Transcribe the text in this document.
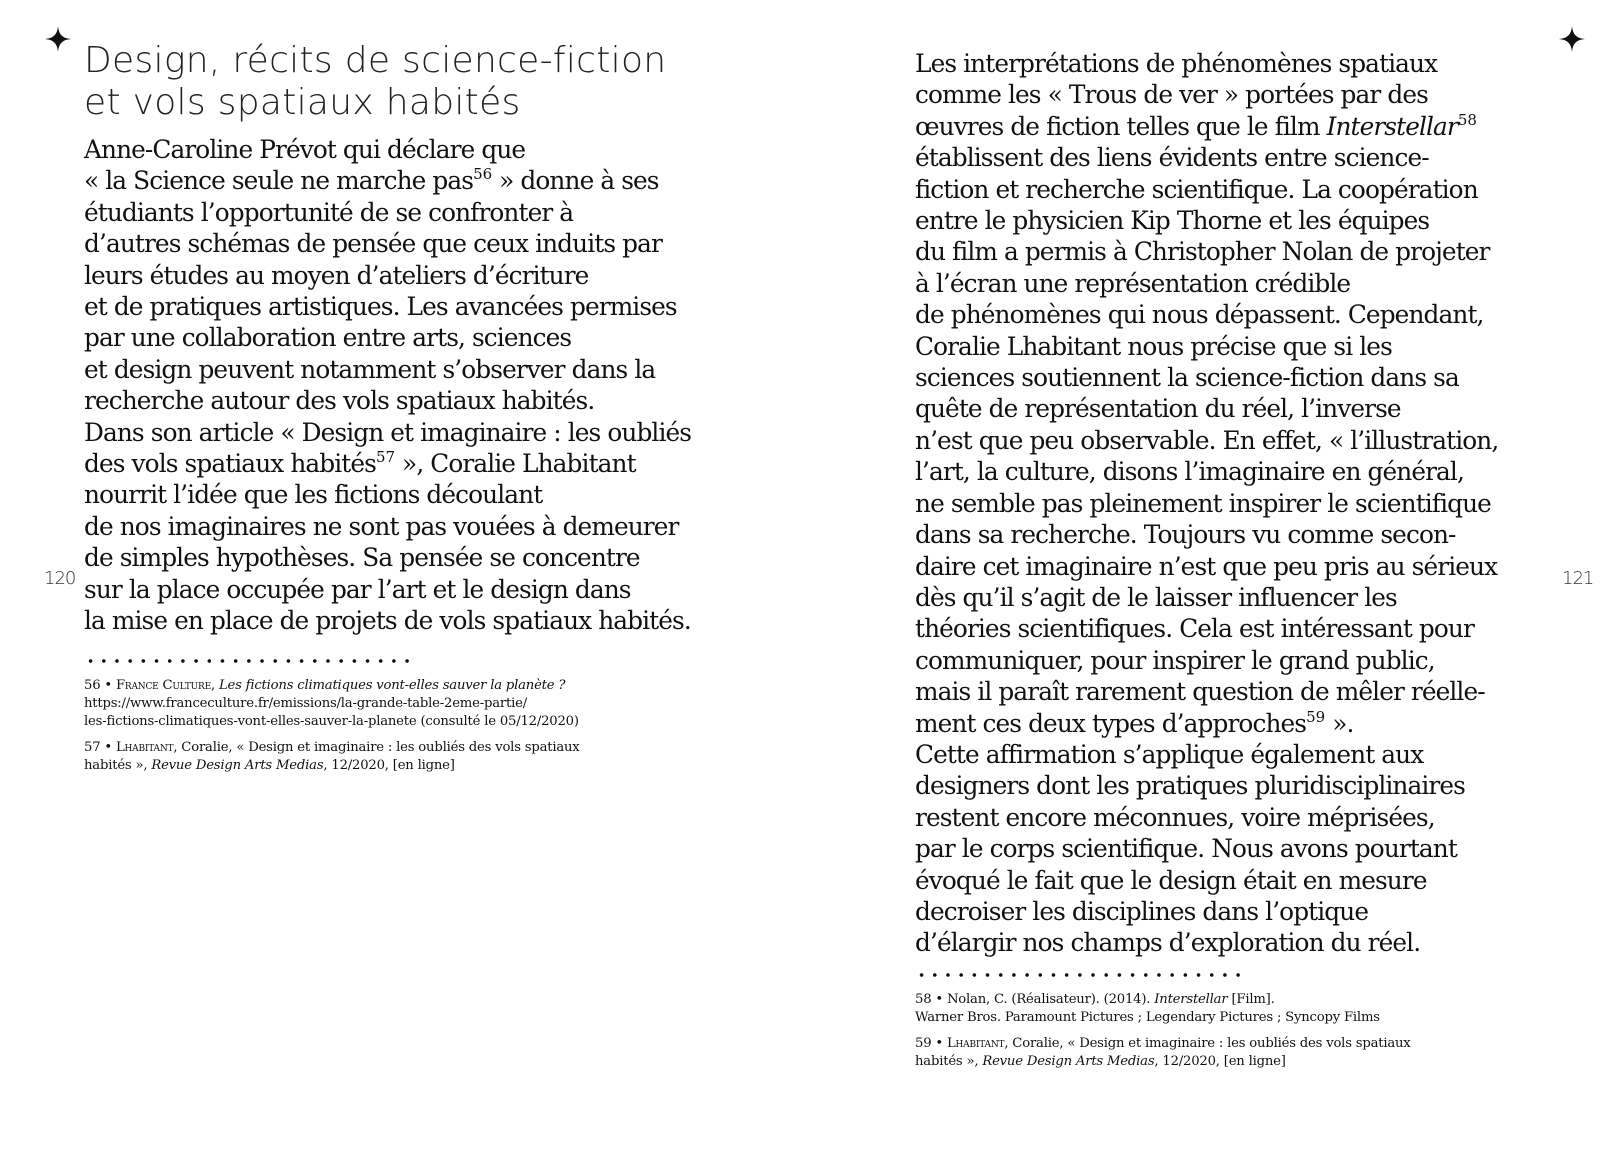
120	121
Design, récits de science-fiction
et vols spatiaux habités
Anne-Caroline Prévot qui déclare que
« la Science seule ne marche pas$^{56}$ » donne à ses
étudiants l’opportunité de se confronter à
d’autres schémas de pensée que ceux induits par
leurs études au moyen d’ateliers d’écriture
et de pratiques artistiques. Les avancées permises
par une collaboration entre arts, sciences
et design peuvent notamment s’observer dans la
recherche autour des vols spatiaux habités.
Dans son article « Design et imaginaire : les oubliés
des vols spatiaux habités$^{57}$ », Coralie Lhabitant
nourrit l’idée que les fictions découlant
de nos imaginaires ne sont pas vouées à demeurer
de simples hypothèses. Sa pensée se concentre
sur la place occupée par l’art et le design dans
la mise en place de projets de vols spatiaux habités.
56 • France Culture, Les fictions climatiques vont-elles sauver la planète ?
https://www.franceculture.fr/emissions/la-grande-table-2eme-partie/
les-fictions-climatiques-vont-elles-sauver-la-planete (consulté le 05/12/2020)
57 • Lhabitant, Coralie, « Design et imaginaire : les oubliés des vols spatiaux
habités », Revue Design Arts Medias, 12/2020, [en ligne]
Les interprétations de phénomènes spatiaux
comme les « Trous de ver » portées par des
œuvres de fiction telles que le film Interstellar$^{58}$
établissent des liens évidents entre science-
fiction et recherche scientifique. La coopération
entre le physicien Kip Thorne et les équipes
du film a permis à Christopher Nolan de projeter
à l’écran une représentation crédible
de phénomènes qui nous dépassent. Cependant,
Coralie Lhabitant nous précise que si les
sciences soutiennent la science-fiction dans sa
quête de représentation du réel, l’inverse
n’est que peu observable. En effet, « l’illustration,
l’art, la culture, disons l’imaginaire en général,
ne semble pas pleinement inspirer le scientifique
dans sa recherche. Toujours vu comme secon-
daire cet imaginaire n’est que peu pris au sérieux
dès qu’il s’agit de le laisser influencer les
théories scientifiques. Cela est intéressant pour
communiquer, pour inspirer le grand public,
mais il paraît rarement question de mêler réelle-
ment ces deux types d’approches$^{59}$ ».
Cette affirmation s’applique également aux
designers dont les pratiques pluridisciplinaires
restent encore méconnues, voire méprisées,
par le corps scientifique. Nous avons pourtant
évoqué le fait que le design était en mesure
decroiser les disciplines dans l’optique
d’élargir nos champs d’exploration du réel.
58 • Nolan, C. (Réalisateur). (2014). Interstellar [Film].
Warner Bros. Paramount Pictures ; Legendary Pictures ; Syncopy Films
59 • Lhabitant, Coralie, « Design et imaginaire : les oubliés des vols spatiaux
habités », Revue Design Arts Medias, 12/2020, [en ligne]
